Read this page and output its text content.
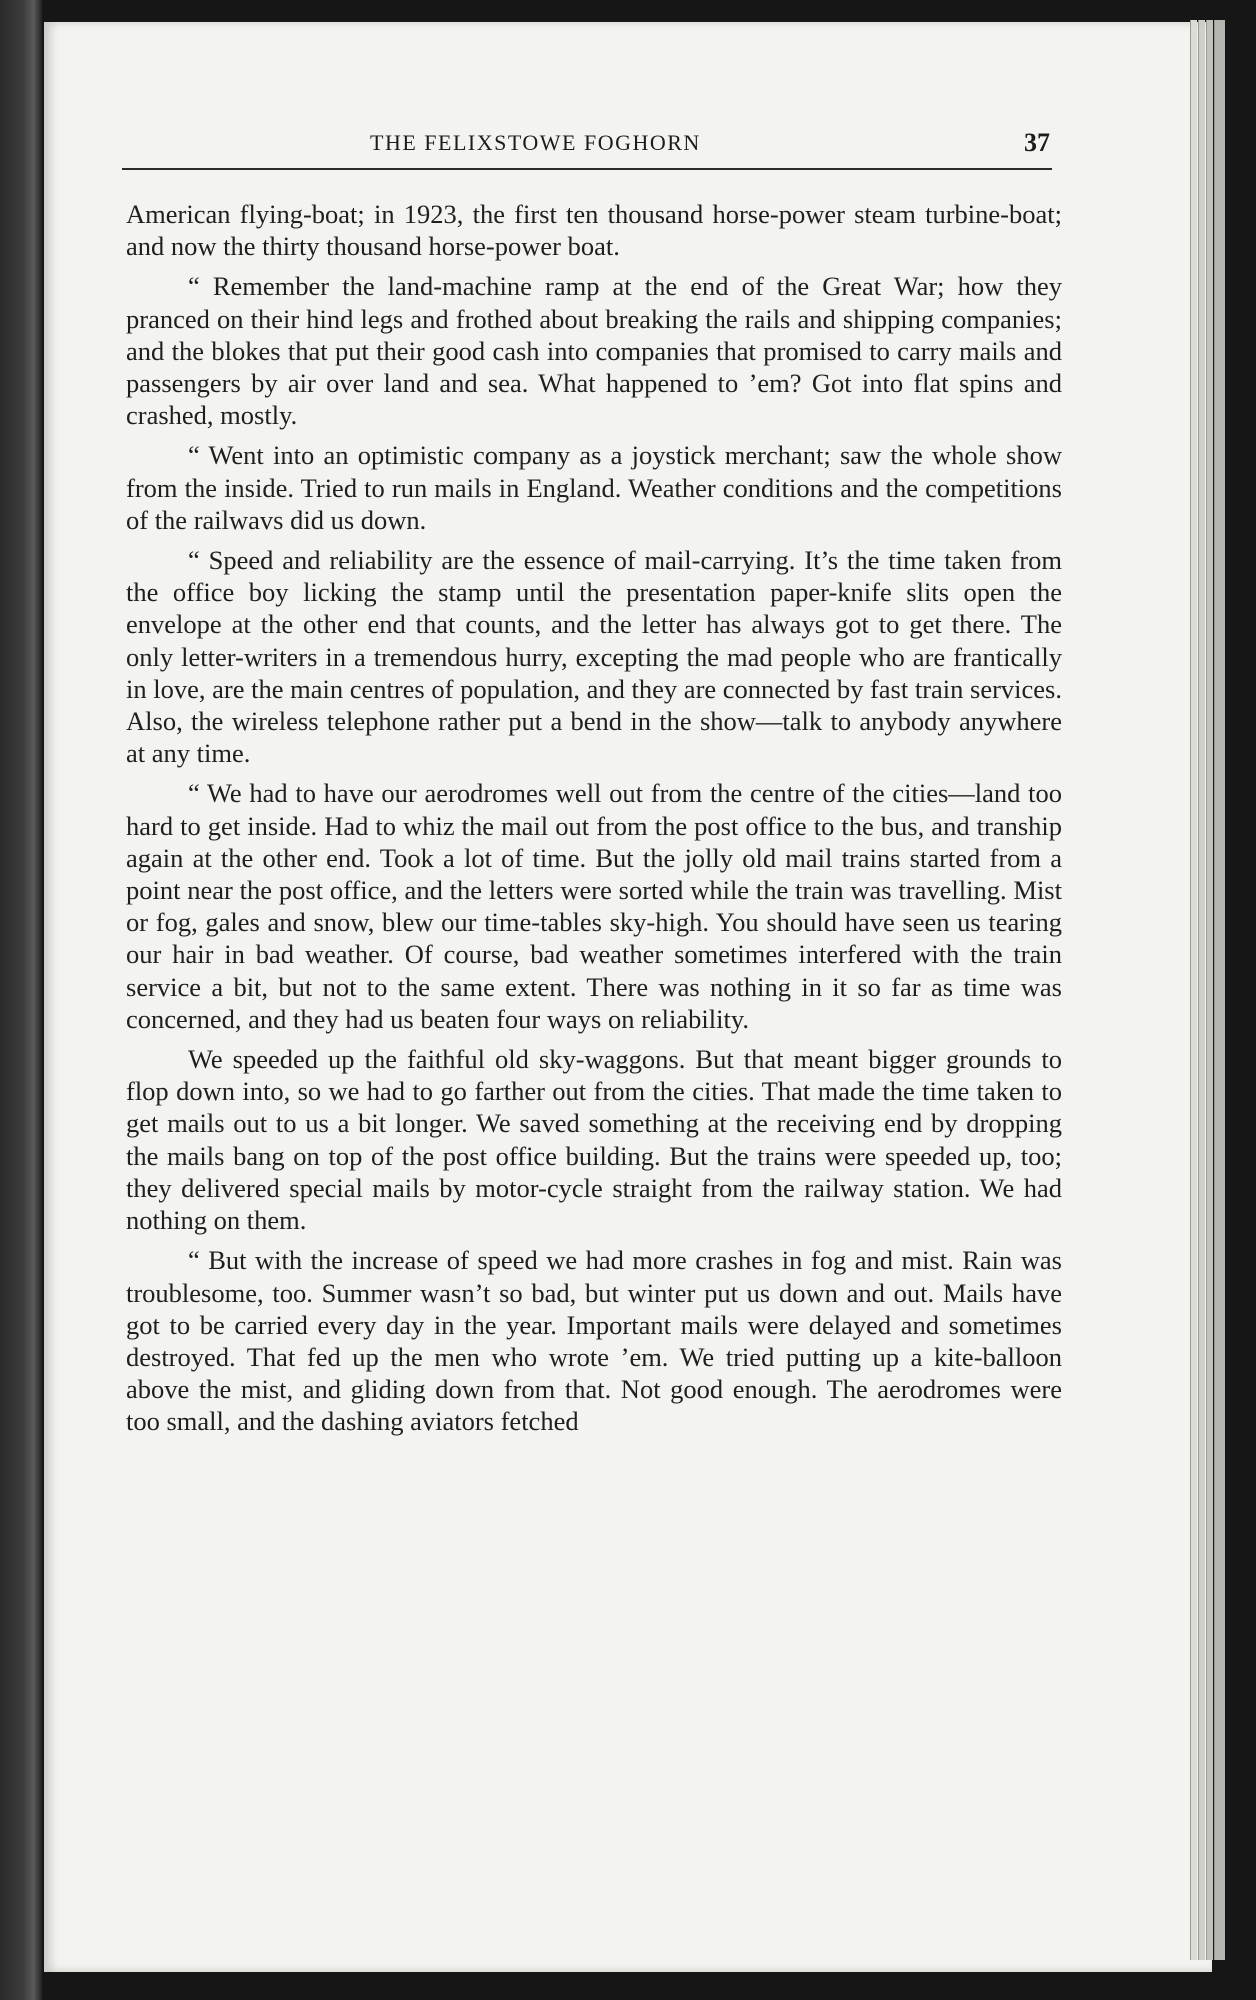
THE FELIXSTOWE FOGHORN	37

American flying-boat; in 1923, the first ten thousand horse-power steam turbine-boat; and now the thirty thousand horse-power boat.

“ Remember the land-machine ramp at the end of the Great War; how they pranced on their hind legs and frothed about breaking the rails and shipping companies; and the blokes that put their good cash into companies that promised to carry mails and passengers by air over land and sea. What happened to ’em? Got into flat spins and crashed, mostly.

“ Went into an optimistic company as a joystick merchant; saw the whole show from the inside. Tried to run mails in England. Weather conditions and the competitions of the railwavs did us down.

“ Speed and reliability are the essence of mail-carrying. It’s the time taken from the office boy licking the stamp until the presentation paper-knife slits open the envelope at the other end that counts, and the letter has always got to get there. The only letter-writers in a tremendous hurry, excepting the mad people who are frantically in love, are the main centres of population, and they are connected by fast train services. Also, the wireless telephone rather put a bend in the show—talk to anybody anywhere at any time.

“ We had to have our aerodromes well out from the centre of the cities—land too hard to get inside. Had to whiz the mail out from the post office to the bus, and tranship again at the other end. Took a lot of time. But the jolly old mail trains started from a point near the post office, and the letters were sorted while the train was travelling. Mist or fog, gales and snow, blew our time-tables sky-high. You should have seen us tearing our hair in bad weather. Of course, bad weather sometimes interfered with the train service a bit, but not to the same extent. There was nothing in it so far as time was concerned, and they had us beaten four ways on reliability.

We speeded up the faithful old sky-waggons. But that meant bigger grounds to flop down into, so we had to go farther out from the cities. That made the time taken to get mails out to us a bit longer. We saved something at the receiving end by dropping the mails bang on top of the post office building. But the trains were speeded up, too; they delivered special mails by motor-cycle straight from the railway station. We had nothing on them.

“ But with the increase of speed we had more crashes in fog and mist. Rain was troublesome, too. Summer wasn’t so bad, but winter put us down and out. Mails have got to be carried every day in the year. Important mails were delayed and sometimes destroyed. That fed up the men who wrote ’em. We tried putting up a kite-balloon above the mist, and gliding down from that. Not good enough. The aerodromes were too small, and the dashing aviators fetched
